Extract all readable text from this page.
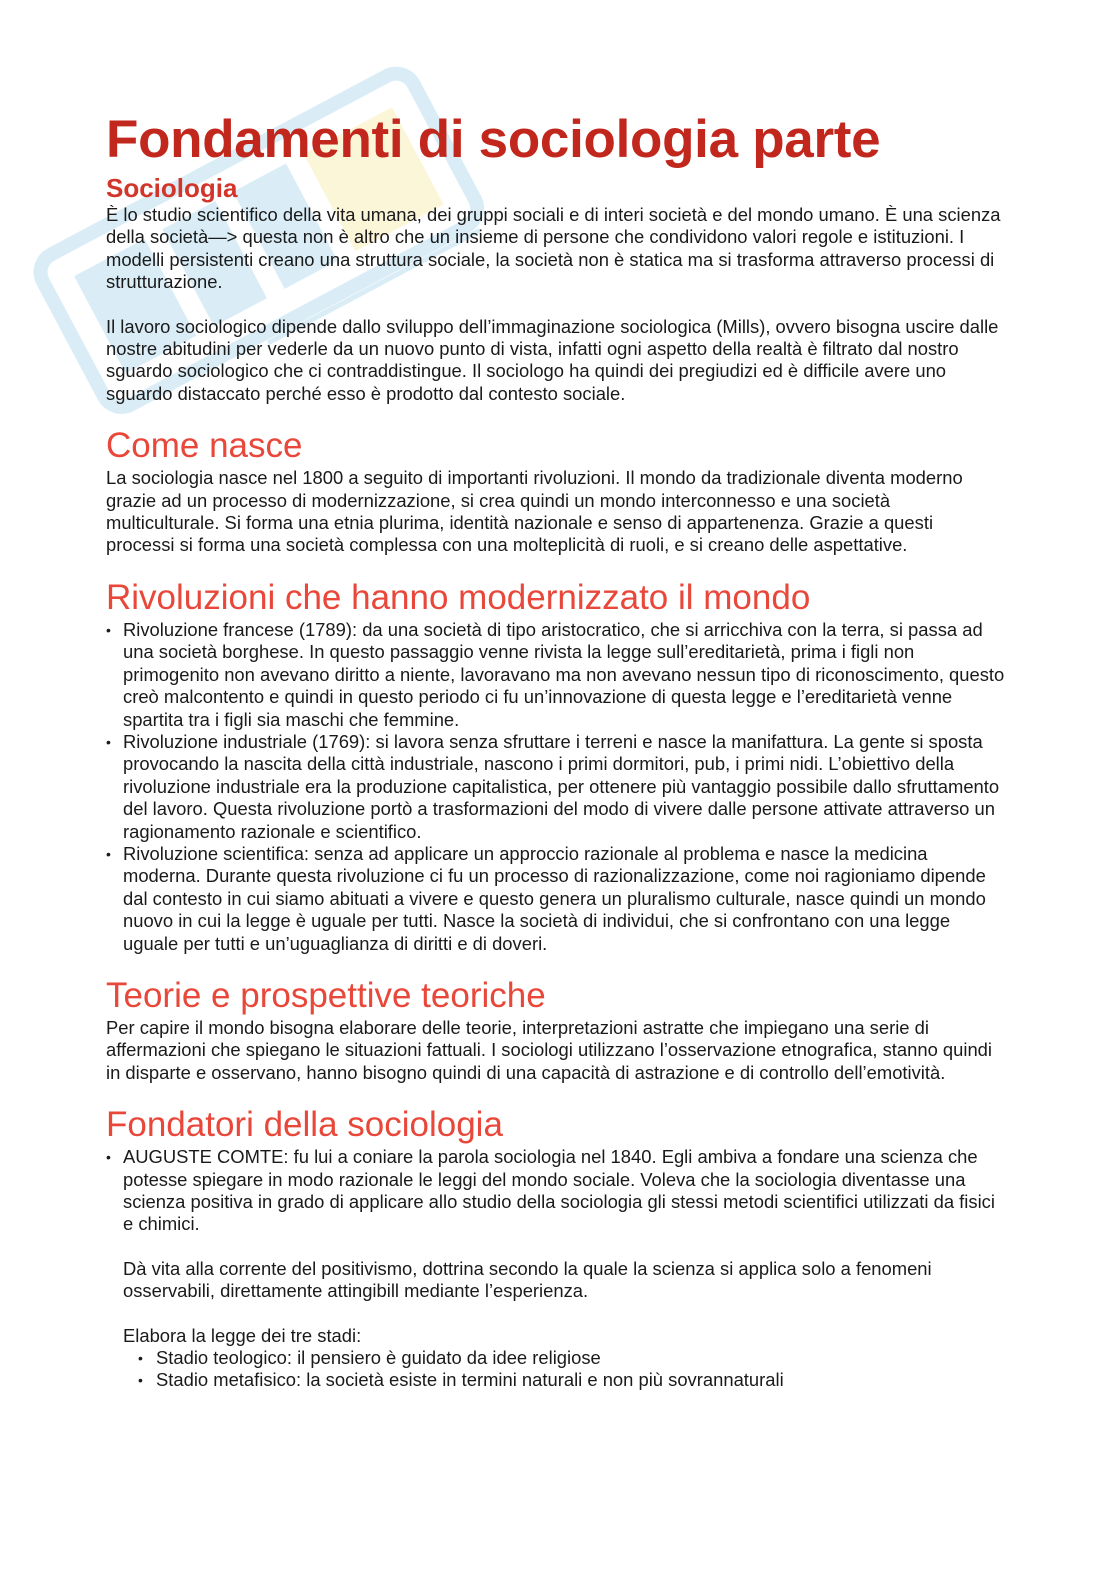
Fondamenti di sociologia parte
Sociologia

È lo studio scientifico della vita umana, dei gruppi sociali e di interi società e del mondo umano. È una scienza della società—> questa non è altro che un insieme di persone che condividono valori regole e istituzioni. I modelli persistenti creano una struttura sociale, la società non è statica ma si trasforma attraverso processi di strutturazione.

Il lavoro sociologico dipende dallo sviluppo dell’immaginazione sociologica (Mills), ovvero bisogna uscire dalle nostre abitudini per vederle da un nuovo punto di vista, infatti ogni aspetto della realtà è filtrato dal nostro sguardo sociologico che ci contraddistingue. Il sociologo ha quindi dei pregiudizi ed è difficile avere uno sguardo distaccato perché esso è prodotto dal contesto sociale.

Come nasce

La sociologia nasce nel 1800 a seguito di importanti rivoluzioni. Il mondo da tradizionale diventa moderno grazie ad un processo di modernizzazione, si crea quindi un mondo interconnesso e una società multiculturale. Si forma una etnia plurima, identità nazionale e senso di appartenenza. Grazie a questi processi si forma una società complessa con una molteplicità di ruoli, e si creano delle aspettative.

Rivoluzioni che hanno modernizzato il mondo
• Rivoluzione francese (1789): da una società di tipo aristocratico, che si arricchiva con la terra, si passa ad una società borghese. In questo passaggio venne rivista la legge sull’ereditarietà, prima i figli non primogenito non avevano diritto a niente, lavoravano ma non avevano nessun tipo di riconoscimento, questo creò malcontento e quindi in questo periodo ci fu un’innovazione di questa legge e l’ereditarietà venne spartita tra i figli sia maschi che femmine.
• Rivoluzione industriale (1769): si lavora senza sfruttare i terreni e nasce la manifattura. La gente si sposta provocando la nascita della città industriale, nascono i primi dormitori, pub, i primi nidi. L’obiettivo della rivoluzione industriale era la produzione capitalistica, per ottenere più vantaggio possibile dallo sfruttamento del lavoro. Questa rivoluzione portò a trasformazioni del modo di vivere dalle persone attivate attraverso un ragionamento razionale e scientifico.
• Rivoluzione scientifica: senza ad applicare un approccio razionale al problema e nasce la medicina moderna. Durante questa rivoluzione ci fu un processo di razionalizzazione, come noi ragioniamo dipende dal contesto in cui siamo abituati a vivere e questo genera un pluralismo culturale, nasce quindi un mondo nuovo in cui la legge è uguale per tutti. Nasce la società di individui, che si confrontano con una legge uguale per tutti e un’uguaglianza di diritti e di doveri.
Teorie e prospettive teoriche

Per capire il mondo bisogna elaborare delle teorie, interpretazioni astratte che impiegano una serie di affermazioni che spiegano le situazioni fattuali. I sociologi utilizzano l’osservazione etnografica, stanno quindi in disparte e osservano, hanno bisogno quindi di una capacità di astrazione e di controllo dell’emotività.

Fondatori della sociologia
• AUGUSTE COMTE: fu lui a coniare la parola sociologia nel 1840. Egli ambiva a fondare una scienza che potesse spiegare in modo razionale le leggi del mondo sociale. Voleva che la sociologia diventasse una scienza positiva in grado di applicare allo studio della sociologia gli stessi metodi scientifici utilizzati da fisici e chimici.

Dà vita alla corrente del positivismo, dottrina secondo la quale la scienza si applica solo a fenomeni osservabili, direttamente attingibill mediante l’esperienza.

Elabora la legge dei tre stadi:

• Stadio teologico: il pensiero è guidato da idee religiose
• Stadio metafisico: la società esiste in termini naturali e non più sovrannaturali
